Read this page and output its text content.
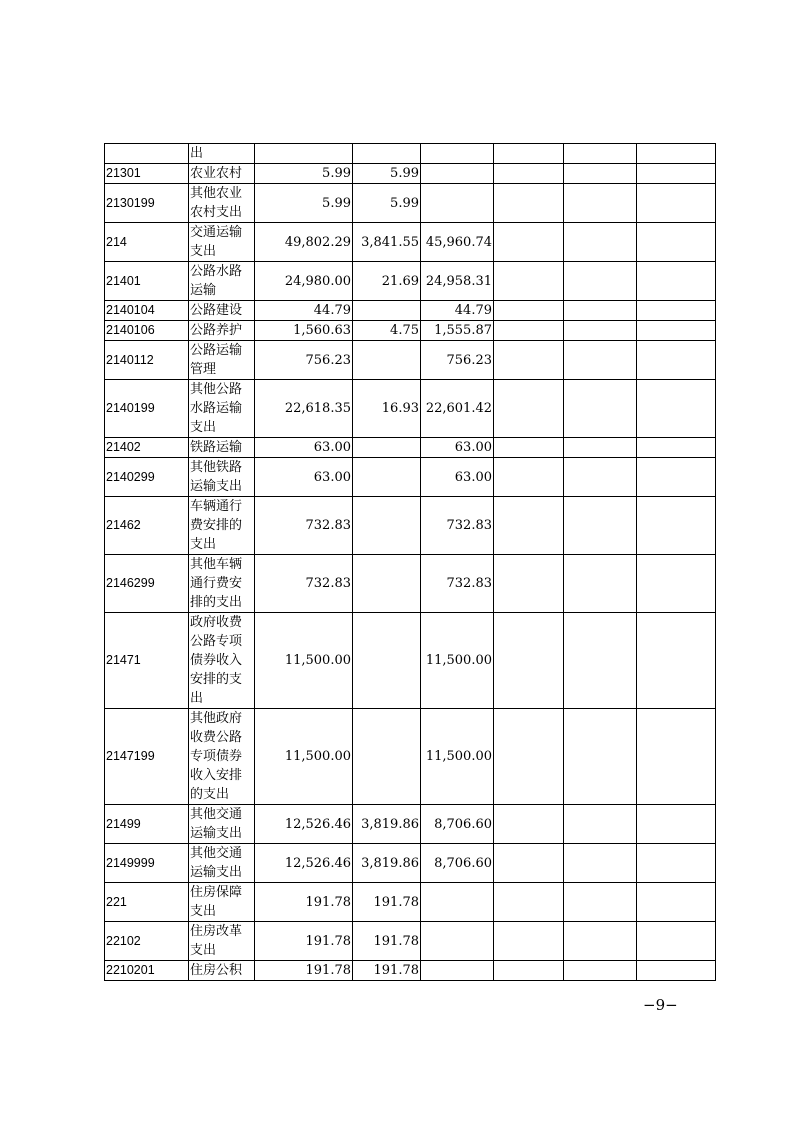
	出						
21301	农业农村	5.99	5.99				
2130199	其他农业农村支出	5.99	5.99				
214	交通运输支出	49,802.29	3,841.55	45,960.74			
21401	公路水路运输	24,980.00	21.69	24,958.31			
2140104	公路建设	44.79		44.79			
2140106	公路养护	1,560.63	4.75	1,555.87			
2140112	公路运输管理	756.23		756.23			
2140199	其他公路水路运输支出	22,618.35	16.93	22,601.42			
21402	铁路运输	63.00		63.00			
2140299	其他铁路运输支出	63.00		63.00			
21462	车辆通行费安排的支出	732.83		732.83			
2146299	其他车辆通行费安排的支出	732.83		732.83			
21471	政府收费公路专项债券收入安排的支出	11,500.00		11,500.00			
2147199	其他政府收费公路专项债券收入安排的支出	11,500.00		11,500.00			
21499	其他交通运输支出	12,526.46	3,819.86	8,706.60			
2149999	其他交通运输支出	12,526.46	3,819.86	8,706.60			
221	住房保障支出	191.78	191.78				
22102	住房改革支出	191.78	191.78				
2210201	住房公积	191.78	191.78				
−9−
